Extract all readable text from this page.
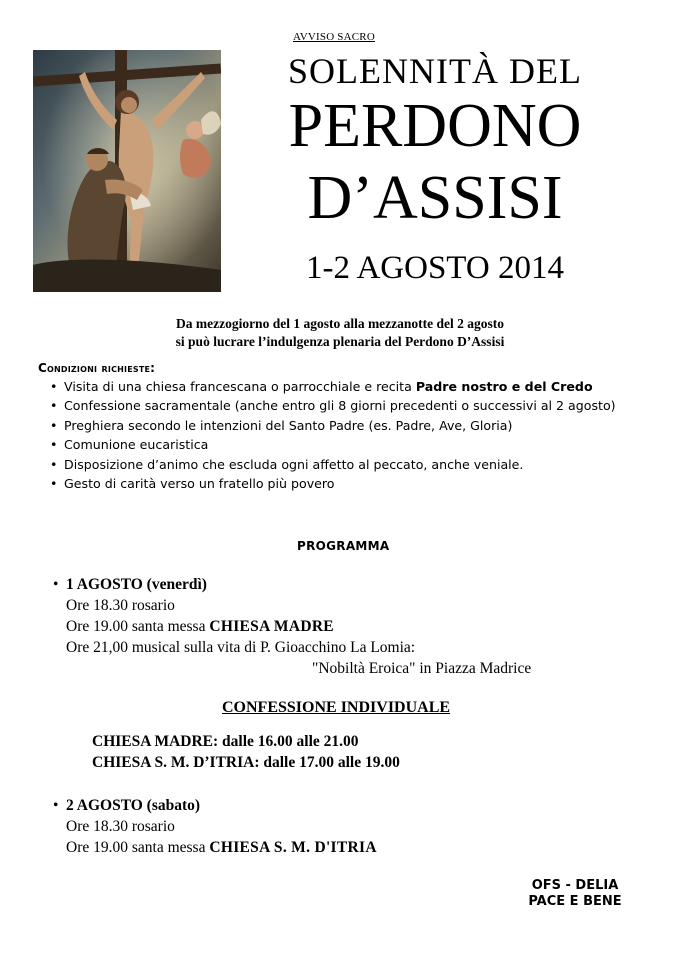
AVVISO SACRO
SOLENNITÀ DEL
PERDONO
D’ASSISI
1-2 AGOSTO 2014
Da mezzogiorno del 1 agosto alla mezzanotte del 2 agosto
si può lucrare l’indulgenza plenaria del Perdono D’Assisi
Condizioni richieste:
• Visita di una chiesa francescana o parrocchiale e recita Padre nostro e del Credo
• Confessione sacramentale (anche entro gli 8 giorni precedenti o successivi al 2 agosto)
• Preghiera secondo le intenzioni del Santo Padre (es. Padre, Ave, Gloria)
• Comunione eucaristica
• Disposizione d’animo che escluda ogni affetto al peccato, anche veniale.
• Gesto di carità verso un fratello più povero
PROGRAMMA
• 1 AGOSTO (venerdì)
Ore 18.30 rosario
Ore 19.00 santa messa CHIESA MADRE
Ore 21,00 musical sulla vita di P. Gioacchino La Lomia:
"Nobiltà Eroica" in Piazza Madrice
CONFESSIONE INDIVIDUALE
CHIESA MADRE: dalle 16.00 alle 21.00
CHIESA S. M. D’ITRIA: dalle 17.00 alle 19.00
• 2 AGOSTO (sabato)
Ore 18.30 rosario
Ore 19.00 santa messa CHIESA S. M. D'ITRIA
OFS - DELIA
PACE E BENE
